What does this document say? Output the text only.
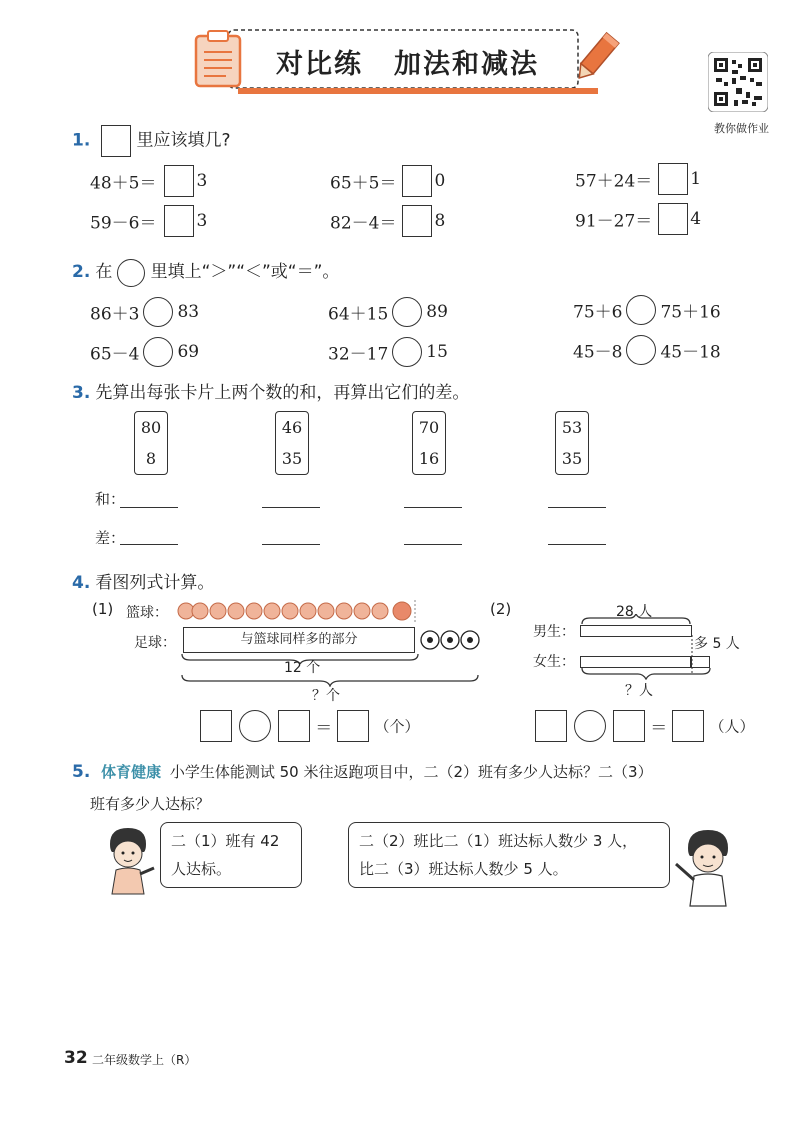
对比练 加法和减法
教你做作业
1.	里应该填几?
48＋5＝ 3	65＋5＝ 0	57＋24＝ 1
59－6＝ 3	82－4＝ 8	91－27＝ 4
2. 在 里填上“＞”“＜”或“＝”。
86＋3 83	64＋15 89	75＋6 75＋16
65－4 69	32－17 15	45－8 45－18
3. 先算出每张卡片上两个数的和，再算出它们的差。
80
8
46
35
70
16
53
35
和：
差：
4. 看图列式计算。
(1) 篮球：
足球：	与篮球同样多的部分
12 个
？个
＝	（个）
(2)	28 人
男生：
多 5 人
女生：
？人
＝	（人）
5. 体育健康 小学生体能测试 50 米往返跑项目中，二（2）班有多少人达标？二（3）
班有多少人达标？
二（1）班有 42
人达标。
二（2）班比二（1）班达标人数少 3 人，
比二（3）班达标人数少 5 人。
32 二年级数学上（R）
